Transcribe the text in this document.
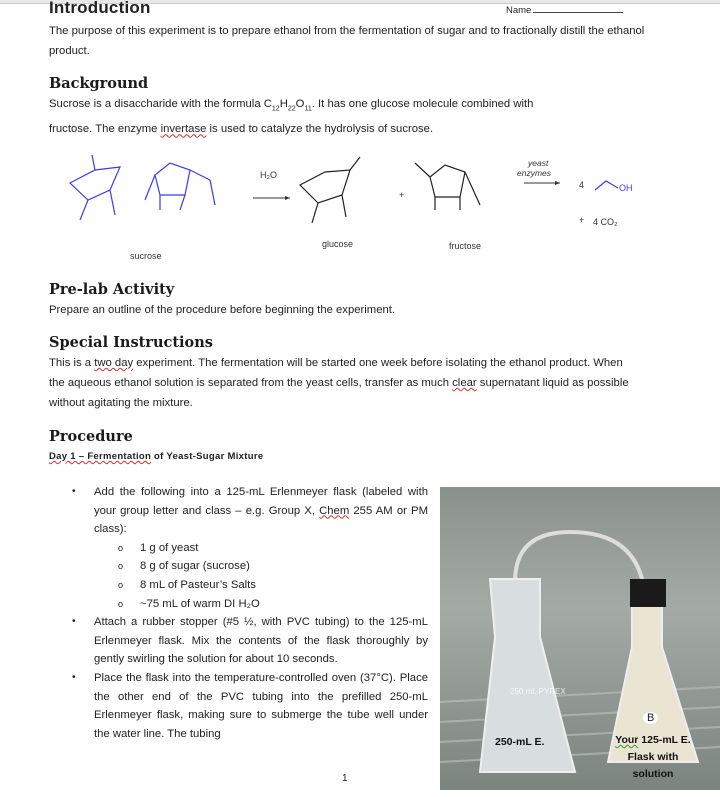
Introduction	Name
The purpose of this experiment is to prepare ethanol from the fermentation of sugar and to fractionally distill the ethanol product.
Background
Sucrose is a disaccharide with the formula $C_{12}H_{22}O_{11}$. It has one glucose molecule combined with
fructose. The enzyme invertase is used to catalyze the hydrolysis of sucrose.
H₂O
yeast
enzymes
+
4	OH
+ 4 CO₂
sucrose
glucose	fructose
Pre-lab Activity
Prepare an outline of the procedure before beginning the experiment.
Special Instructions
This is a two day experiment. The fermentation will be started one week before isolating the ethanol product. When the aqueous ethanol solution is separated from the yeast cells, transfer as much clear supernatant liquid as possible without agitating the mixture.
Procedure
Day 1 – Fermentation of Yeast-Sugar Mixture
• Add the following into a 125-mL Erlenmeyer flask (labeled with your group letter and class – e.g. Group X, Chem 255 AM or PM class):
o 1 g of yeast
o 8 g of sugar (sucrose)
o 8 mL of Pasteur’s Salts
o ~75 mL of warm DI H₂O
• Attach a rubber stopper (#5 ½, with PVC tubing) to the 125-mL Erlenmeyer flask. Mix the contents of the flask thoroughly by gently swirling the solution for about 10 seconds.
• Place the flask into the temperature-controlled oven (37°C). Place the other end of the PVC tubing into the prefilled 250-mL Erlenmeyer flask, making sure to submerge the tube well under the water line. The tubing
250 mL PYREX
B
250-mL E.	Your 125-mL E. Flask with solution
1
